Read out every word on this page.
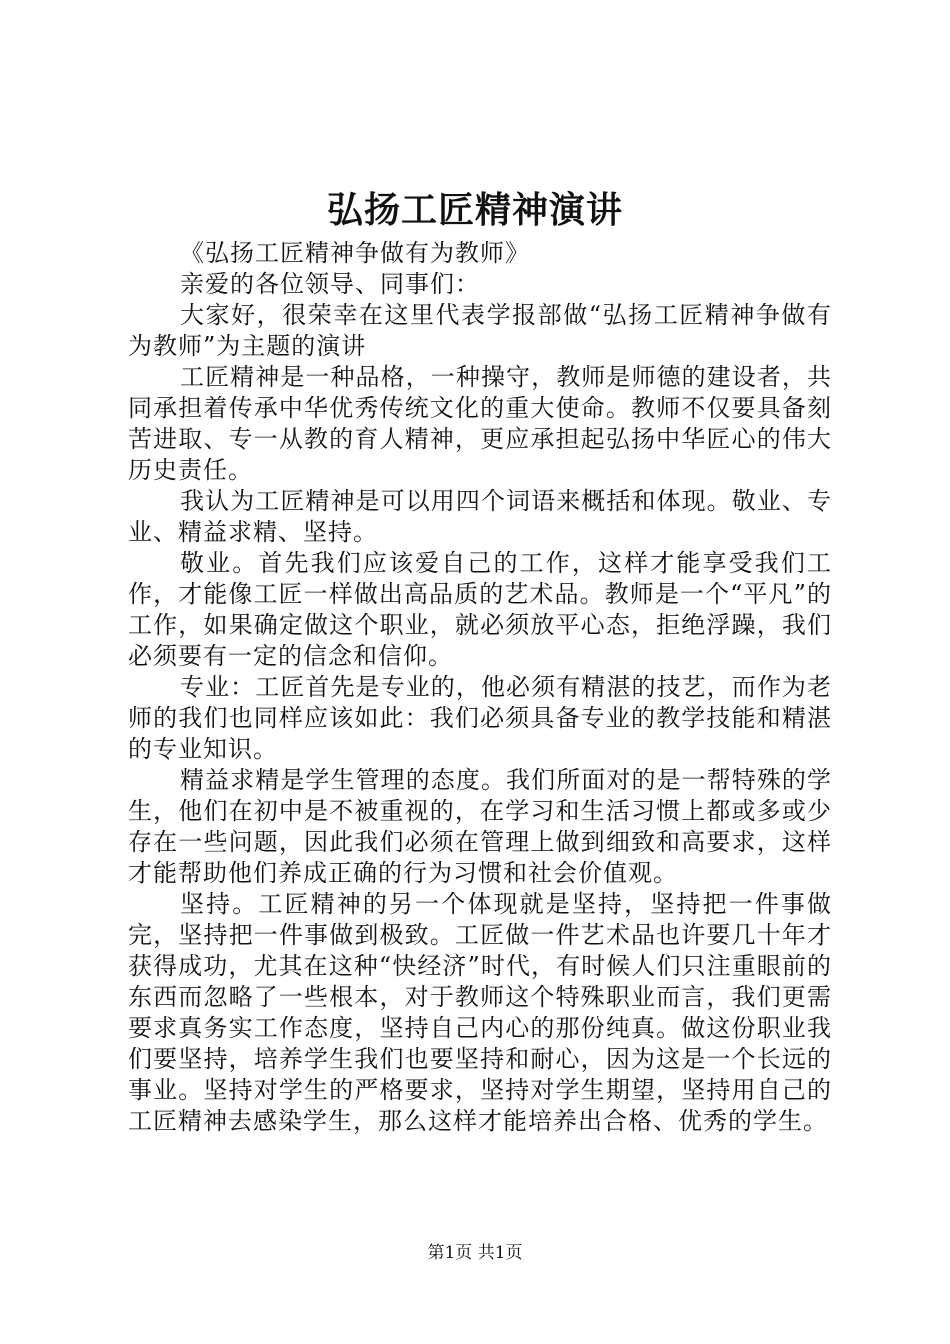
弘扬工匠精神演讲

《弘扬工匠精神争做有为教师》

亲爱的各位领导、同事们：

大家好，很荣幸在这里代表学报部做“弘扬工匠精神争做有为教师”为主题的演讲

工匠精神是一种品格，一种操守，教师是师德的建设者，共同承担着传承中华优秀传统文化的重大使命。教师不仅要具备刻苦进取、专一从教的育人精神，更应承担起弘扬中华匠心的伟大历史责任。

我认为工匠精神是可以用四个词语来概括和体现。敬业、专业、精益求精、坚持。

敬业。首先我们应该爱自己的工作，这样才能享受我们工作，才能像工匠一样做出高品质的艺术品。教师是一个“平凡”的工作，如果确定做这个职业，就必须放平心态，拒绝浮躁，我们必须要有一定的信念和信仰。

专业：工匠首先是专业的，他必须有精湛的技艺，而作为老师的我们也同样应该如此：我们必须具备专业的教学技能和精湛的专业知识。

精益求精是学生管理的态度。我们所面对的是一帮特殊的学生，他们在初中是不被重视的，在学习和生活习惯上都或多或少存在一些问题，因此我们必须在管理上做到细致和高要求，这样才能帮助他们养成正确的行为习惯和社会价值观。

坚持。工匠精神的另一个体现就是坚持，坚持把一件事做完，坚持把一件事做到极致。工匠做一件艺术品也许要几十年才获得成功，尤其在这种“快经济”时代，有时候人们只注重眼前的东西而忽略了一些根本，对于教师这个特殊职业而言，我们更需要求真务实工作态度，坚持自己内心的那份纯真。做这份职业我们要坚持，培养学生我们也要坚持和耐心，因为这是一个长远的事业。坚持对学生的严格要求，坚持对学生期望，坚持用自己的工匠精神去感染学生，那么这样才能培养出合格、优秀的学生。

第1页 共1页
